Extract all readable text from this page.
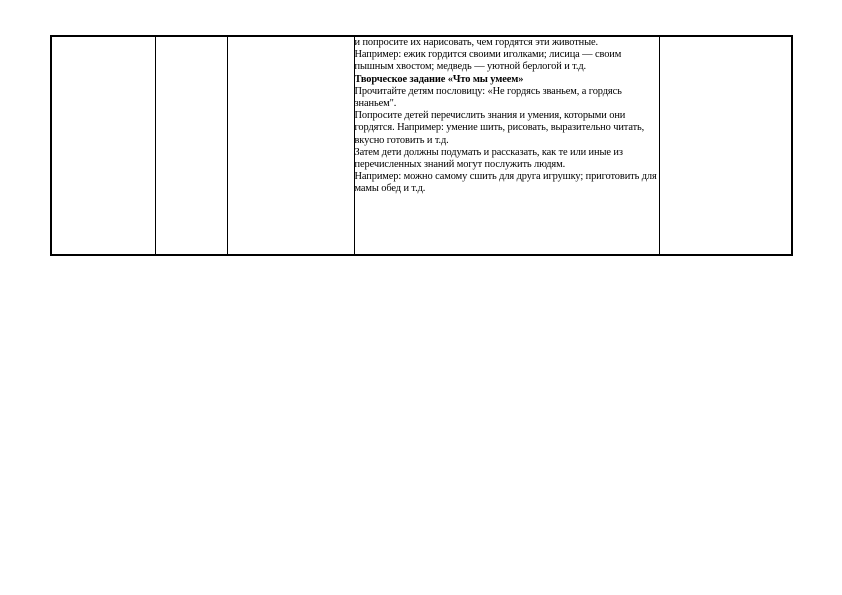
и попросите их нарисовать, чем гордятся эти животные.

Например: ежик гордится своими иголками; лисица — своим пышным хвостом; медведь — уютной берлогой и т.д.

Творческое задание «Что мы умеем»

Прочитайте детям пословицу: «Не гордясь званьем, а гордясь знаньем".

Попросите детей перечислить знания и умения, которыми они гордятся. Например: умение шить, рисовать, выразительно читать, вкусно готовить и т.д.

Затем дети должны подумать и рассказать, как те или иные из перечисленных знаний могут послужить людям.

Например: можно самому сшить для друга игрушку; приготовить для мамы обед и т.д.
